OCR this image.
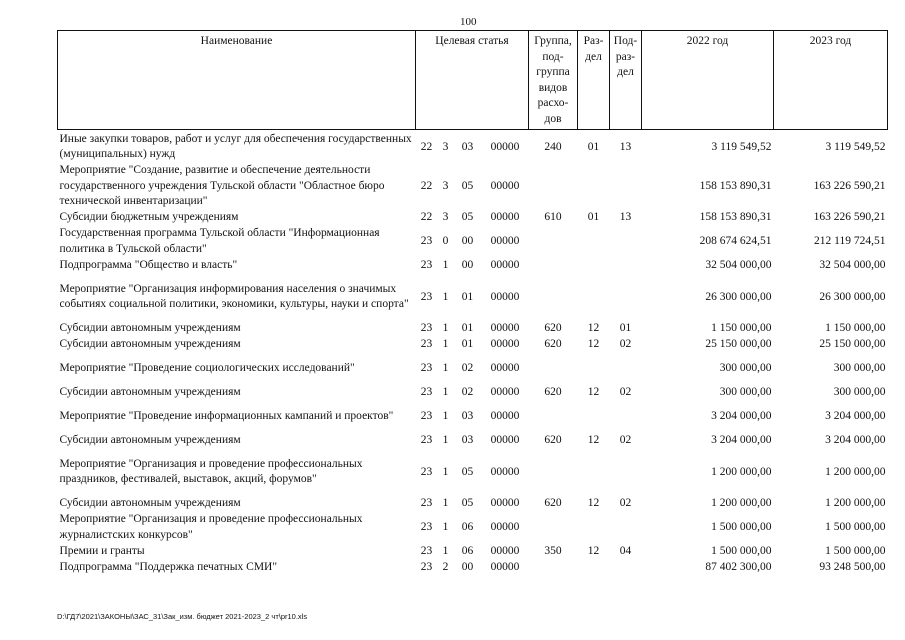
100
Наименование	Целевая статья				Группа, под-группа видов расхо-дов	Раз-дел	Под-раз-дел	2022 год	2023 год
Иные закупки товаров, работ и услуг для обеспечения государственных (муниципальных) нужд	22	3	03	00000	240	01	13	3 119 549,52	3 119 549,52
Мероприятие "Создание, развитие и обеспечение деятельности государственного учреждения Тульской области "Областное бюро технической инвентаризации"	22	3	05	00000				158 153 890,31	163 226 590,21
Субсидии бюджетным учреждениям	22	3	05	00000	610	01	13	158 153 890,31	163 226 590,21
Государственная программа Тульской области "Информационная политика в Тульской области"	23	0	00	00000				208 674 624,51	212 119 724,51
Подпрограмма "Общество и власть"	23	1	00	00000				32 504 000,00	32 504 000,00
Мероприятие "Организация информирования населения о значимых событиях социальной политики, экономики, культуры, науки и спорта"	23	1	01	00000				26 300 000,00	26 300 000,00
Субсидии автономным учреждениям	23	1	01	00000	620	12	01	1 150 000,00	1 150 000,00
Субсидии автономным учреждениям	23	1	01	00000	620	12	02	25 150 000,00	25 150 000,00
Мероприятие "Проведение социологических исследований"	23	1	02	00000				300 000,00	300 000,00
Субсидии автономным учреждениям	23	1	02	00000	620	12	02	300 000,00	300 000,00
Мероприятие "Проведение информационных кампаний и проектов"	23	1	03	00000				3 204 000,00	3 204 000,00
Субсидии автономным учреждениям	23	1	03	00000	620	12	02	3 204 000,00	3 204 000,00
Мероприятие "Организация и проведение профессиональных праздников, фестивалей, выставок, акций, форумов"	23	1	05	00000				1 200 000,00	1 200 000,00
Субсидии автономным учреждениям	23	1	05	00000	620	12	02	1 200 000,00	1 200 000,00
Мероприятие "Организация и проведение профессиональных журналистских конкурсов"	23	1	06	00000				1 500 000,00	1 500 000,00
Премии и гранты	23	1	06	00000	350	12	04	1 500 000,00	1 500 000,00
Подпрограмма "Поддержка печатных СМИ"	23	2	00	00000				87 402 300,00	93 248 500,00
D:\ГД7\2021\ЗАКОНЫ\ЗАС_31\Зак_изм. бюджет 2021-2023_2 чт\pr10.xls
